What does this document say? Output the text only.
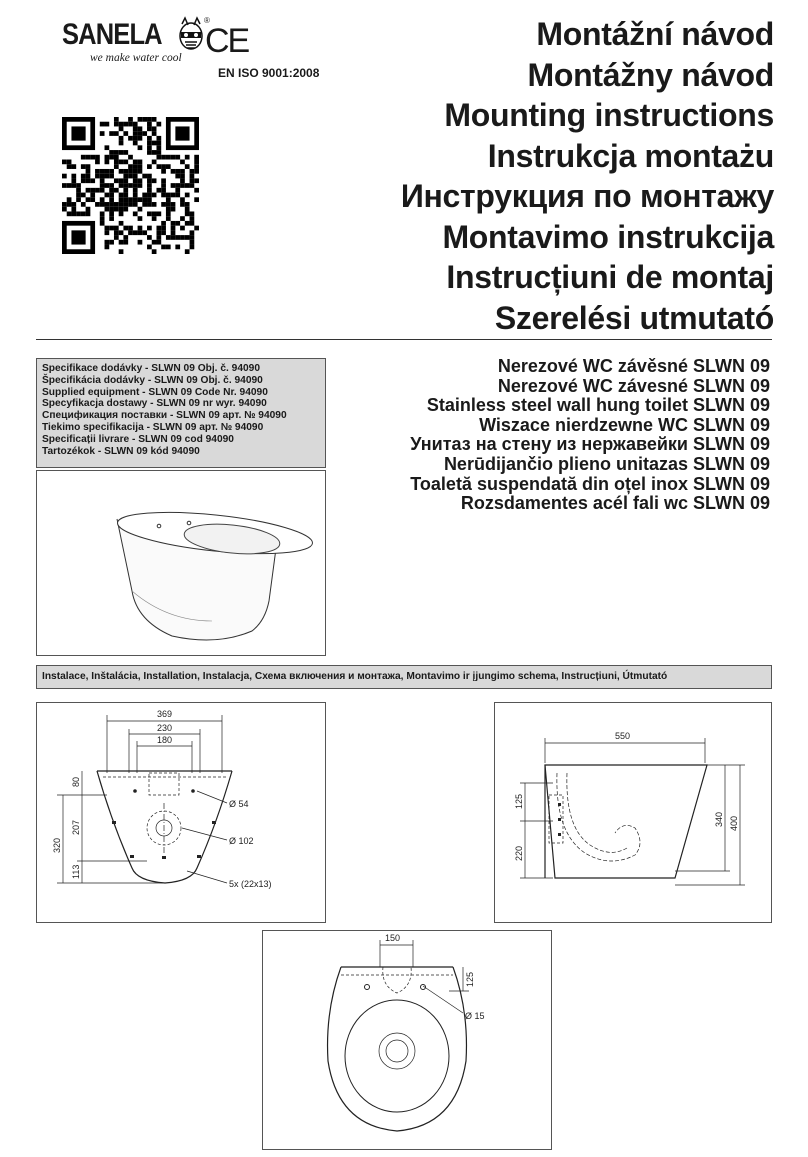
SANELA
we make water cool
®
CE
EN ISO 9001:2008
Montážní návod
Montážny návod
Mounting instructions
Instrukcja montażu
Инструкция по монтажу
Montavimo instrukcija
Instrucțiuni de montaj
Szerelési utmutató
Specifikace dodávky - SLWN 09 Obj. č. 94090
Špecifikácia dodávky - SLWN 09 Obj. č. 94090
Supplied equipment - SLWN 09 Code Nr. 94090
Specyfikacja dostawy - SLWN 09 nr wyr. 94090
Спецификация поставки - SLWN 09 арт. № 94090
Tiekimo specifikacija - SLWN 09 арт. № 94090
Specificații livrare - SLWN 09 cod 94090
Tartozékok - SLWN 09 kód 94090
Nerezové WC závěsné SLWN 09
Nerezové WC závesné SLWN 09
Stainless steel wall hung toilet SLWN 09
Wiszace nierdzewne WC SLWN 09
Унитаз на стену из нержавейки SLWN 09
Nerūdijančio plieno unitazas SLWN 09
Toaletă suspendată din oțel inox SLWN 09
Rozsdamentes acél fali wc SLWN 09
Instalace, Inštalácia, Installation, Instalacja, Схема включения и монтажа, Montavimo ir įjungimo schema, Instrucțiuni, Útmutató
369
230
180
80
207
320
113
Ø 54
Ø 102
5x (22x13)
550
125
220
340 400
150
125
Ø 15
